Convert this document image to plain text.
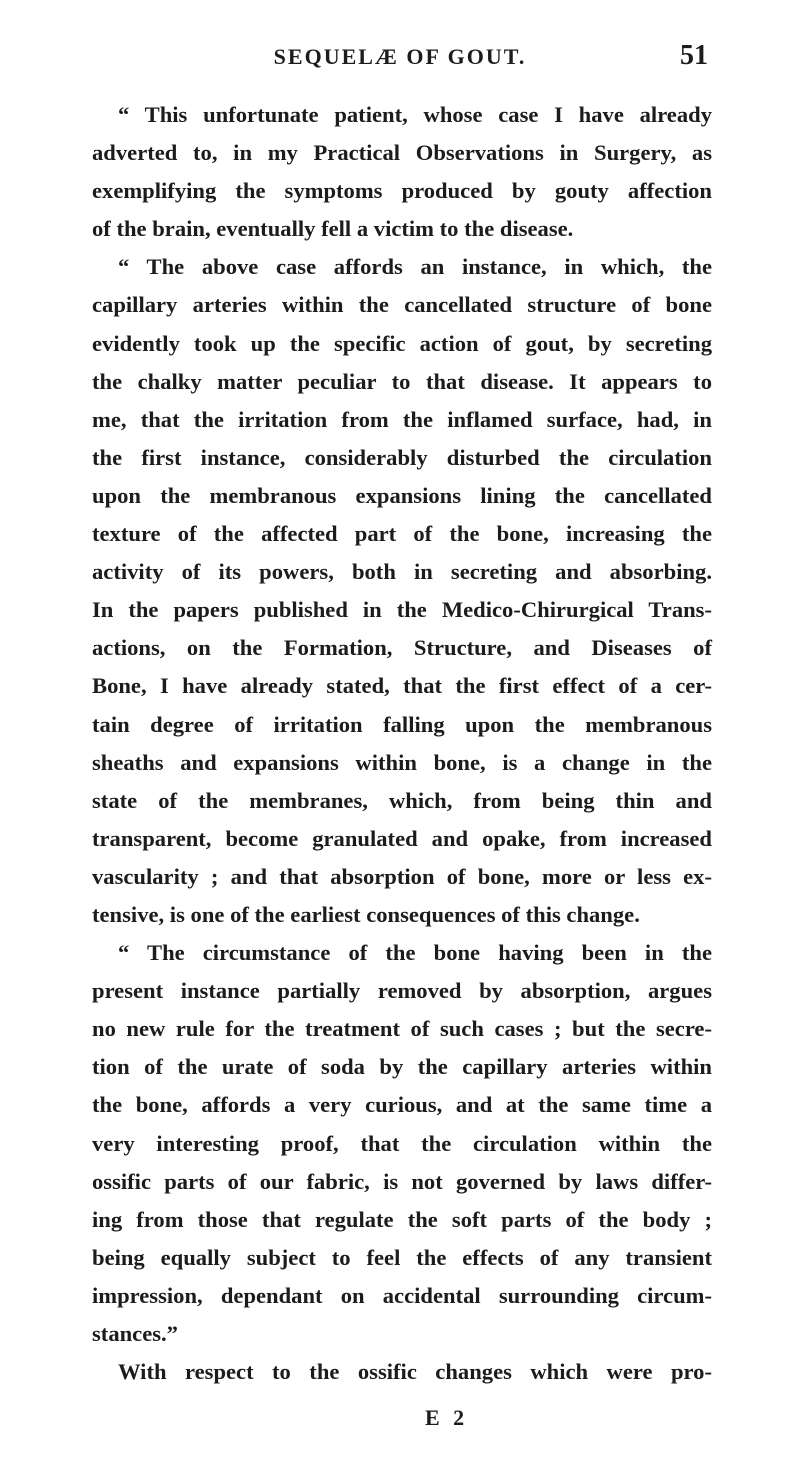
SEQUELÆ OF GOUT.	51
“ This unfortunate patient, whose case I have already
adverted to, in my Practical Observations in Surgery, as
exemplifying the symptoms produced by gouty affection
of the brain, eventually fell a victim to the disease.
“ The above case affords an instance, in which, the
capillary arteries within the cancellated structure of bone
evidently took up the specific action of gout, by secreting
the chalky matter peculiar to that disease. It appears to
me, that the irritation from the inflamed surface, had, in
the first instance, considerably disturbed the circulation
upon the membranous expansions lining the cancellated
texture of the affected part of the bone, increasing the
activity of its powers, both in secreting and absorbing.
In the papers published in the Medico-Chirurgical Trans-
actions, on the Formation, Structure, and Diseases of
Bone, I have already stated, that the first effect of a cer-
tain degree of irritation falling upon the membranous
sheaths and expansions within bone, is a change in the
state of the membranes, which, from being thin and
transparent, become granulated and opake, from increased
vascularity ; and that absorption of bone, more or less ex-
tensive, is one of the earliest consequences of this change.
“ The circumstance of the bone having been in the
present instance partially removed by absorption, argues
no new rule for the treatment of such cases ; but the secre-
tion of the urate of soda by the capillary arteries within
the bone, affords a very curious, and at the same time a
very interesting proof, that the circulation within the
ossific parts of our fabric, is not governed by laws differ-
ing from those that regulate the soft parts of the body ;
being equally subject to feel the effects of any transient
impression, dependant on accidental surrounding circum-
stances.”
With respect to the ossific changes which were pro-
E 2
